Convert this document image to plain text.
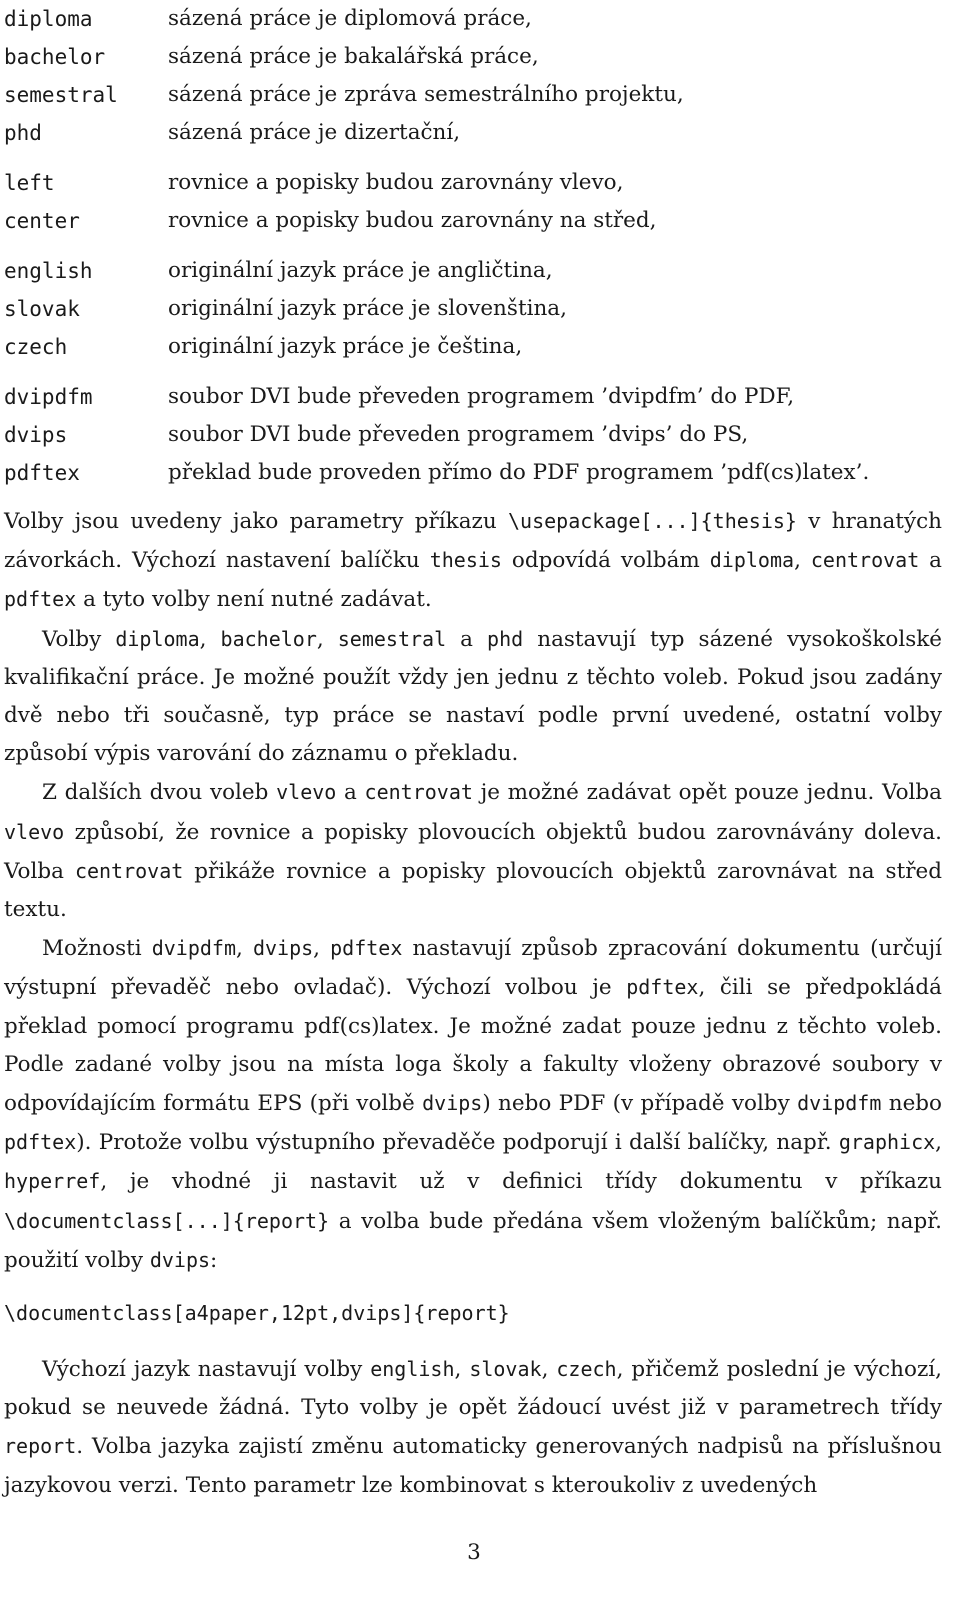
diploma	sázená práce je diplomová práce,
bachelor	sázená práce je bakalářská práce,
semestral	sázená práce je zpráva semestrálního projektu,
phd	sázená práce je dizertační,
left	rovnice a popisky budou zarovnány vlevo,
center	rovnice a popisky budou zarovnány na střed,
english	originální jazyk práce je angličtina,
slovak	originální jazyk práce je slovenština,
czech	originální jazyk práce je čeština,
dvipdfm	soubor DVI bude převeden programem ’dvipdfm’ do PDF,
dvips	soubor DVI bude převeden programem ’dvips’ do PS,
pdftex	překlad bude proveden přímo do PDF programem ’pdf(cs)latex’.

Volby jsou uvedeny jako parametry příkazu \usepackage[...]{thesis} v hranatých závorkách. Výchozí nastavení balíčku thesis odpovídá volbám diploma, centrovat a pdftex a tyto volby není nutné zadávat.

Volby diploma, bachelor, semestral a phd nastavují typ sázené vysokoškolské kvalifikační práce. Je možné použít vždy jen jednu z těchto voleb. Pokud jsou zadány dvě nebo tři současně, typ práce se nastaví podle první uvedené, ostatní volby způsobí výpis varování do záznamu o překladu.

Z dalších dvou voleb vlevo a centrovat je možné zadávat opět pouze jednu. Volba vlevo způsobí, že rovnice a popisky plovoucích objektů budou zarovnávány doleva. Volba centrovat přikáže rovnice a popisky plovoucích objektů zarovnávat na střed textu.

Možnosti dvipdfm, dvips, pdftex nastavují způsob zpracování dokumentu (určují výstupní převaděč nebo ovladač). Výchozí volbou je pdftex, čili se předpokládá překlad pomocí programu pdf(cs)latex. Je možné zadat pouze jednu z těchto voleb. Podle zadané volby jsou na místa loga školy a fakulty vloženy obrazové soubory v odpovídajícím formátu EPS (při volbě dvips) nebo PDF (v případě volby dvipdfm nebo pdftex). Protože volbu výstupního převaděče podporují i další balíčky, např. graphicx, hyperref, je vhodné ji nastavit už v definici třídy dokumentu v příkazu \documentclass[...]{report} a volba bude předána všem vloženým balíčkům; např. použití volby dvips:

\documentclass[a4paper,12pt,dvips]{report}

Výchozí jazyk nastavují volby english, slovak, czech, přičemž poslední je výchozí, pokud se neuvede žádná. Tyto volby je opět žádoucí uvést již v parametrech třídy report. Volba jazyka zajistí změnu automaticky generovaných nadpisů na příslušnou jazykovou verzi. Tento parametr lze kombinovat s kteroukoliv z uvedených

3
